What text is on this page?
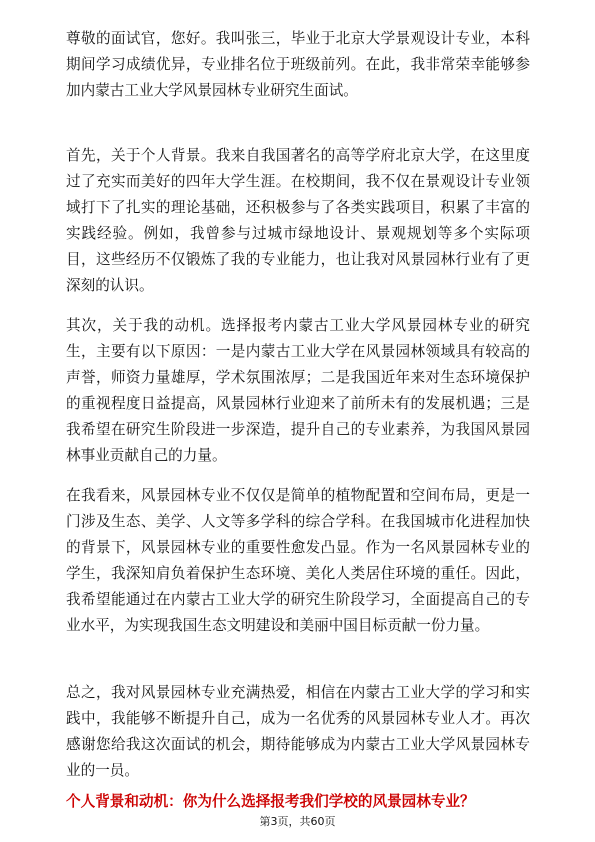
尊敬的面试官，您好。我叫张三，毕业于北京大学景观设计专业，本科期间学习成绩优异，专业排名位于班级前列。在此，我非常荣幸能够参加内蒙古工业大学风景园林专业研究生面试。

首先，关于个人背景。我来自我国著名的高等学府北京大学，在这里度过了充实而美好的四年大学生涯。在校期间，我不仅在景观设计专业领域打下了扎实的理论基础，还积极参与了各类实践项目，积累了丰富的实践经验。例如，我曾参与过城市绿地设计、景观规划等多个实际项目，这些经历不仅锻炼了我的专业能力，也让我对风景园林行业有了更深刻的认识。

其次，关于我的动机。选择报考内蒙古工业大学风景园林专业的研究生，主要有以下原因：一是内蒙古工业大学在风景园林领域具有较高的声誉，师资力量雄厚，学术氛围浓厚；二是我国近年来对生态环境保护的重视程度日益提高，风景园林行业迎来了前所未有的发展机遇；三是我希望在研究生阶段进一步深造，提升自己的专业素养，为我国风景园林事业贡献自己的力量。

在我看来，风景园林专业不仅仅是简单的植物配置和空间布局，更是一门涉及生态、美学、人文等多学科的综合学科。在我国城市化进程加快的背景下，风景园林专业的重要性愈发凸显。作为一名风景园林专业的学生，我深知肩负着保护生态环境、美化人类居住环境的重任。因此，我希望能通过在内蒙古工业大学的研究生阶段学习，全面提高自己的专业水平，为实现我国生态文明建设和美丽中国目标贡献一份力量。

总之，我对风景园林专业充满热爱，相信在内蒙古工业大学的学习和实践中，我能够不断提升自己，成为一名优秀的风景园林专业人才。再次感谢您给我这次面试的机会，期待能够成为内蒙古工业大学风景园林专业的一员。

个人背景和动机：你为什么选择报考我们学校的风景园林专业？

第3页，共60页
